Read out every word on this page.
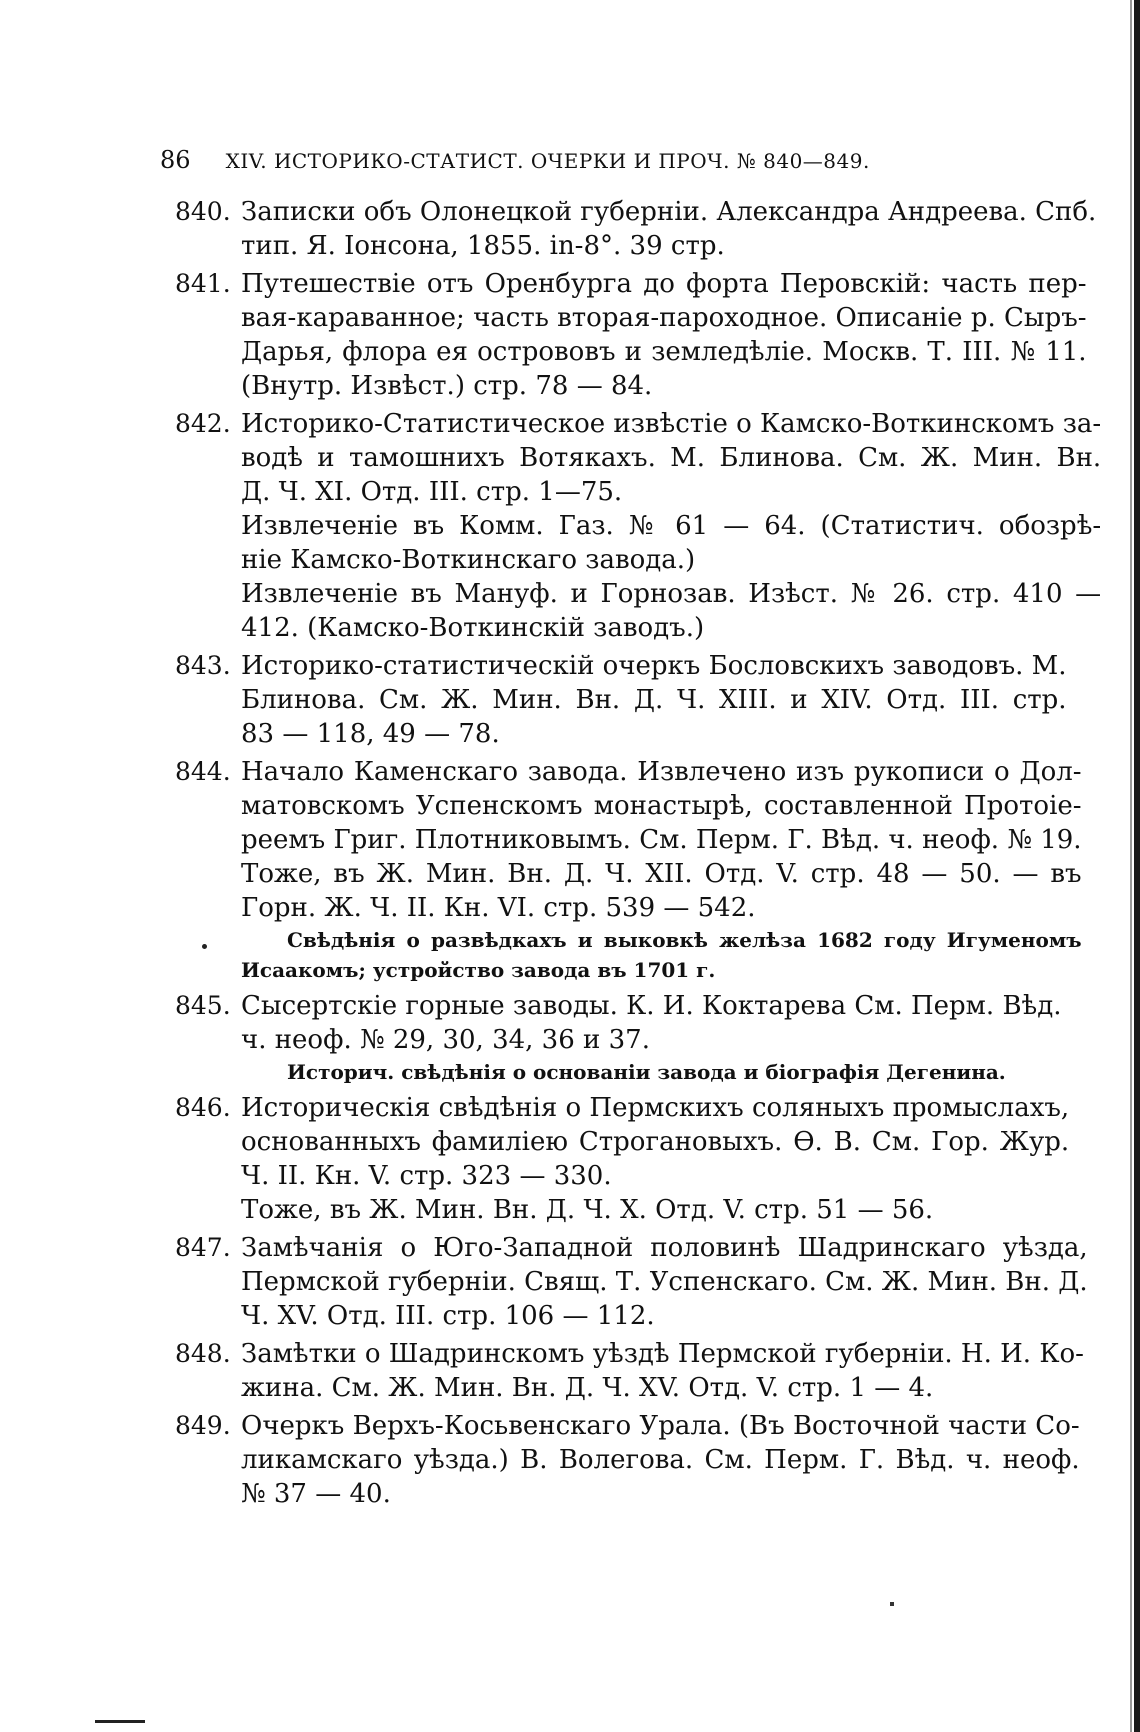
86 XIV. ИСТОРИКО-СТАТИСТ. ОЧЕРКИ И ПРОЧ. № 840—849.
840. Записки объ Олонецкой губерніи. Александра Андреева. Спб.
тип. Я. Іонсона, 1855. in-8°. 39 стр.
841. Путешествіе отъ Оренбурга до форта Перовскій: часть пер-
вая-караванное; часть вторая-пароходное. Описаніе р. Сыръ-
Дарья, флора ея острововъ и земледѣліе. Москв. Т. III. № 11.
(Внутр. Извѣст.) стр. 78 — 84.
842. Историко-Статистическое извѣстіе о Камско-Воткинскомъ за-
водѣ и тамошнихъ Вотякахъ. М. Блинова. См. Ж. Мин. Вн.
Д. Ч. XI. Отд. III. стр. 1—75.
Извлеченіе въ Комм. Газ. № 61 — 64. (Статистич. обозрѣ-
ніе Камско-Воткинскаго завода.)
Извлеченіе въ Мануф. и Горнозав. Изѣст. № 26. стр. 410 —
412. (Камско-Воткинскій заводъ.)
843. Историко-статистическій очеркъ Бословскихъ заводовъ. М.
Блинова. См. Ж. Мин. Вн. Д. Ч. XIII. и XIV. Отд. III. стр.
83 — 118, 49 — 78.
844. Начало Каменскаго завода. Извлечено изъ рукописи о Дол-
матовскомъ Успенскомъ монастырѣ, составленной Протоіе-
реемъ Григ. Плотниковымъ. См. Перм. Г. Вѣд. ч. неоф. № 19.
Тоже, въ Ж. Мин. Вн. Д. Ч. XII. Отд. V. стр. 48 — 50. — въ
Горн. Ж. Ч. II. Кн. VI. стр. 539 — 542.
Свѣдѣнія о развѣдкахъ и выковкѣ желѣза 1682 году Игуменомъ
Исаакомъ; устройство завода въ 1701 г.
845. Сысертскіе горные заводы. К. И. Коктарева См. Перм. Вѣд.
ч. неоф. № 29, 30, 34, 36 и 37.
Историч. свѣдѣнія о основаніи завода и біографія Дегенина.
846. Историческія свѣдѣнія о Пермскихъ соляныхъ промыслахъ,
основанныхъ фамиліею Строгановыхъ. Ѳ. В. См. Гор. Жур.
Ч. II. Кн. V. стр. 323 — 330.
Тоже, въ Ж. Мин. Вн. Д. Ч. X. Отд. V. стр. 51 — 56.
847. Замѣчанія о Юго-Западной половинѣ Шадринскаго уѣзда,
Пермской губерніи. Свящ. Т. Успенскаго. См. Ж. Мин. Вн. Д.
Ч. XV. Отд. III. стр. 106 — 112.
848. Замѣтки о Шадринскомъ уѣздѣ Пермской губерніи. Н. И. Ко-
жина. См. Ж. Мин. Вн. Д. Ч. XV. Отд. V. стр. 1 — 4.
849. Очеркъ Верхъ-Косьвенскаго Урала. (Въ Восточной части Со-
ликамскаго уѣзда.) В. Волегова. См. Перм. Г. Вѣд. ч. неоф.
№ 37 — 40.
